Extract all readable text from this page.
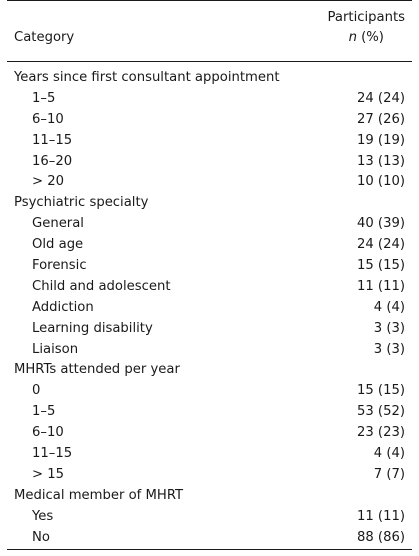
Category
Participants
n (%)
Years since first consultant appointment
1–5	24 (24)
6–10	27 (26)
11–15	19 (19)
16–20	13 (13)
> 20	10 (10)
Psychiatric specialty
General	40 (39)
Old age	24 (24)
Forensic	15 (15)
Child and adolescent	11 (11)
Addiction	4 (4)
Learning disability	3 (3)
Liaison	3 (3)
MHRTs attended per year
0	15 (15)
1–5	53 (52)
6–10	23 (23)
11–15	4 (4)
> 15	7 (7)
Medical member of MHRT
Yes	11 (11)
No	88 (86)
